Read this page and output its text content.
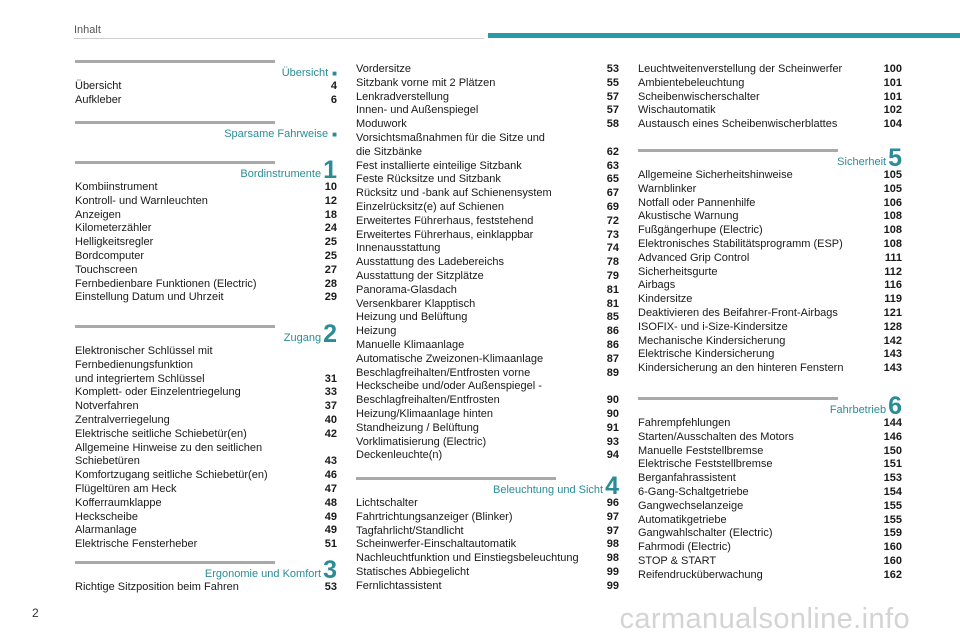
Inhalt
Übersicht ■
Übersicht	4
Aufkleber	6
Sparsame Fahrweise ■
Bordinstrumente 1
Kombiinstrument	10
Kontroll- und Warnleuchten	12
Anzeigen	18
Kilometerzähler	24
Helligkeitsregler	25
Bordcomputer	25
Touchscreen	27
Fernbedienbare Funktionen (Electric)	28
Einstellung Datum und Uhrzeit	29
Zugang 2
Elektronischer Schlüssel mit Fernbedienungsfunktion
und integriertem Schlüssel	31
Komplett- oder Einzelentriegelung	33
Notverfahren	37
Zentralverriegelung	40
Elektrische seitliche Schiebetür(en)	42
Allgemeine Hinweise zu den seitlichen
Schiebetüren	43
Komfortzugang seitliche Schiebetür(en)	46
Flügeltüren am Heck	47
Kofferraumklappe	48
Heckscheibe	49
Alarmanlage	49
Elektrische Fensterheber	51
Ergonomie und Komfort 3
Richtige Sitzposition beim Fahren	53
Vordersitze	53
Sitzbank vorne mit 2 Plätzen	55
Lenkradverstellung	57
Innen- und Außenspiegel	57
Moduwork	58
Vorsichtsmaßnahmen für die Sitze und
die Sitzbänke	62
Fest installierte einteilige Sitzbank	63
Feste Rücksitze und Sitzbank	65
Rücksitz und -bank auf Schienensystem	67
Einzelrücksitz(e) auf Schienen	69
Erweitertes Führerhaus, feststehend	72
Erweitertes Führerhaus, einklappbar	73
Innenausstattung	74
Ausstattung des Ladebereichs	78
Ausstattung der Sitzplätze	79
Panorama-Glasdach	81
Versenkbarer Klapptisch	81
Heizung und Belüftung	85
Heizung	86
Manuelle Klimaanlage	86
Automatische Zweizonen-Klimaanlage	87
Beschlagfreihalten/Entfrosten vorne	89
Heckscheibe und/oder Außenspiegel -
Beschlagfreihalten/Entfrosten	90
Heizung/Klimaanlage hinten	90
Standheizung / Belüftung	91
Vorklimatisierung (Electric)	93
Deckenleuchte(n)	94
Beleuchtung und Sicht 4
Lichtschalter	96
Fahrtrichtungsanzeiger (Blinker)	97
Tagfahrlicht/Standlicht	97
Scheinwerfer-Einschaltautomatik	98
Nachleuchtfunktion und Einstiegsbeleuchtung	98
Statisches Abbiegelicht	99
Fernlichtassistent	99
Leuchtweitenverstellung der Scheinwerfer	100
Ambientebeleuchtung	101
Scheibenwischerschalter	101
Wischautomatik	102
Austausch eines Scheibenwischerblattes	104
Sicherheit 5
Allgemeine Sicherheitshinweise	105
Warnblinker	105
Notfall oder Pannenhilfe	106
Akustische Warnung	108
Fußgängerhupe (Electric)	108
Elektronisches Stabilitätsprogramm (ESP)	108
Advanced Grip Control	111
Sicherheitsgurte	112
Airbags	116
Kindersitze	119
Deaktivieren des Beifahrer-Front-Airbags	121
ISOFIX- und i-Size-Kindersitze	128
Mechanische Kindersicherung	142
Elektrische Kindersicherung	143
Kindersicherung an den hinteren Fenstern	143
Fahrbetrieb 6
Fahrempfehlungen	144
Starten/Ausschalten des Motors	146
Manuelle Feststellbremse	150
Elektrische Feststellbremse	151
Berganfahrassistent	153
6-Gang-Schaltgetriebe	154
Gangwechselanzeige	155
Automatikgetriebe	155
Gangwahlschalter (Electric)	159
Fahrmodi (Electric)	160
STOP & START	160
Reifendrucküberwachung	162
2	carmanualsonline.info
